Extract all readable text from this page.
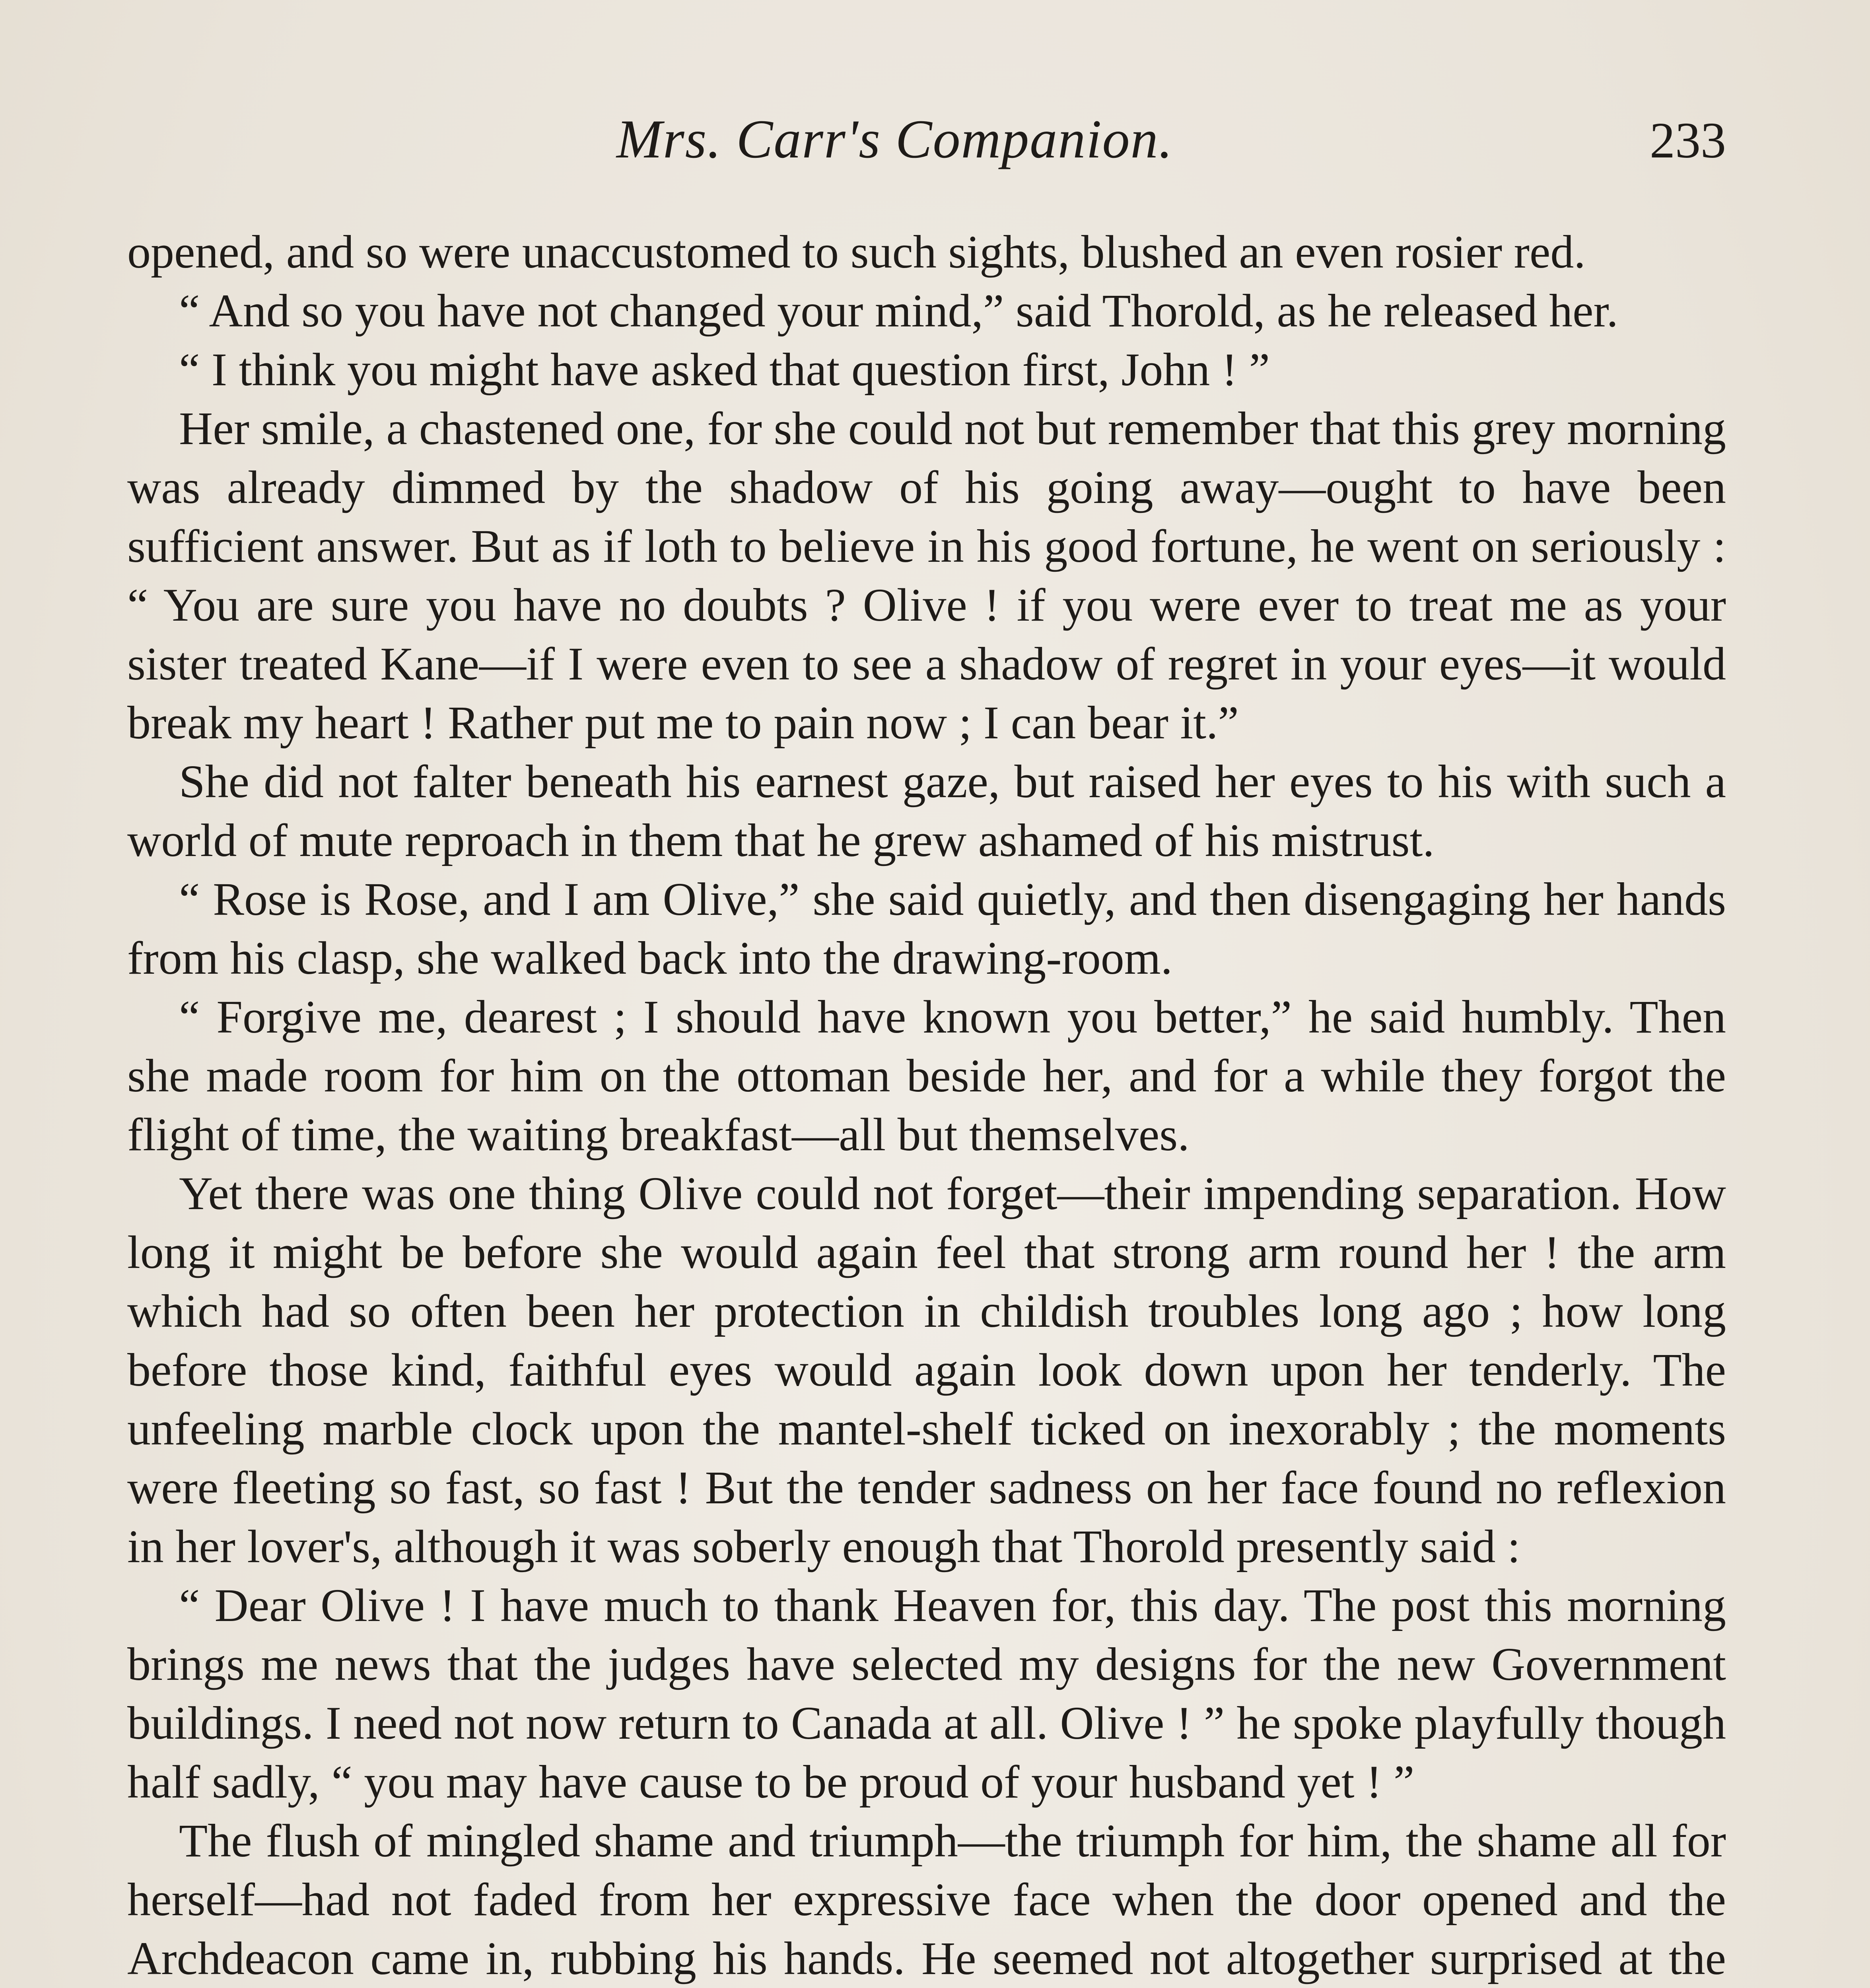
Mrs. Carr's Companion.	233

opened, and so were unaccustomed to such sights, blushed an even rosier red.

“ And so you have not changed your mind,” said Thorold, as he released her.

“ I think you might have asked that question first, John ! ”

Her smile, a chastened one, for she could not but remember that this grey morning was already dimmed by the shadow of his going away—ought to have been sufficient answer. But as if loth to believe in his good fortune, he went on seriously : “ You are sure you have no doubts ? Olive ! if you were ever to treat me as your sister treated Kane—if I were even to see a shadow of regret in your eyes—it would break my heart ! Rather put me to pain now ; I can bear it.”

She did not falter beneath his earnest gaze, but raised her eyes to his with such a world of mute reproach in them that he grew ashamed of his mistrust.

“ Rose is Rose, and I am Olive,” she said quietly, and then disengaging her hands from his clasp, she walked back into the drawing-room.

“ Forgive me, dearest ; I should have known you better,” he said humbly. Then she made room for him on the ottoman beside her, and for a while they forgot the flight of time, the waiting breakfast—all but themselves.

Yet there was one thing Olive could not forget—their impending separation. How long it might be before she would again feel that strong arm round her ! the arm which had so often been her protection in childish troubles long ago ; how long before those kind, faithful eyes would again look down upon her tenderly. The unfeeling marble clock upon the mantel-shelf ticked on inexorably ; the moments were fleeting so fast, so fast ! But the tender sadness on her face found no reflexion in her lover's, although it was soberly enough that Thorold presently said :

“ Dear Olive ! I have much to thank Heaven for, this day. The post this morning brings me news that the judges have selected my designs for the new Government buildings. I need not now return to Canada at all. Olive ! ” he spoke playfully though half sadly, “ you may have cause to be proud of your husband yet ! ”

The flush of mingled shame and triumph—the triumph for him, the shame all for herself—had not faded from her expressive face when the door opened and the Archdeacon came in, rubbing his hands. He seemed not altogether surprised at the
